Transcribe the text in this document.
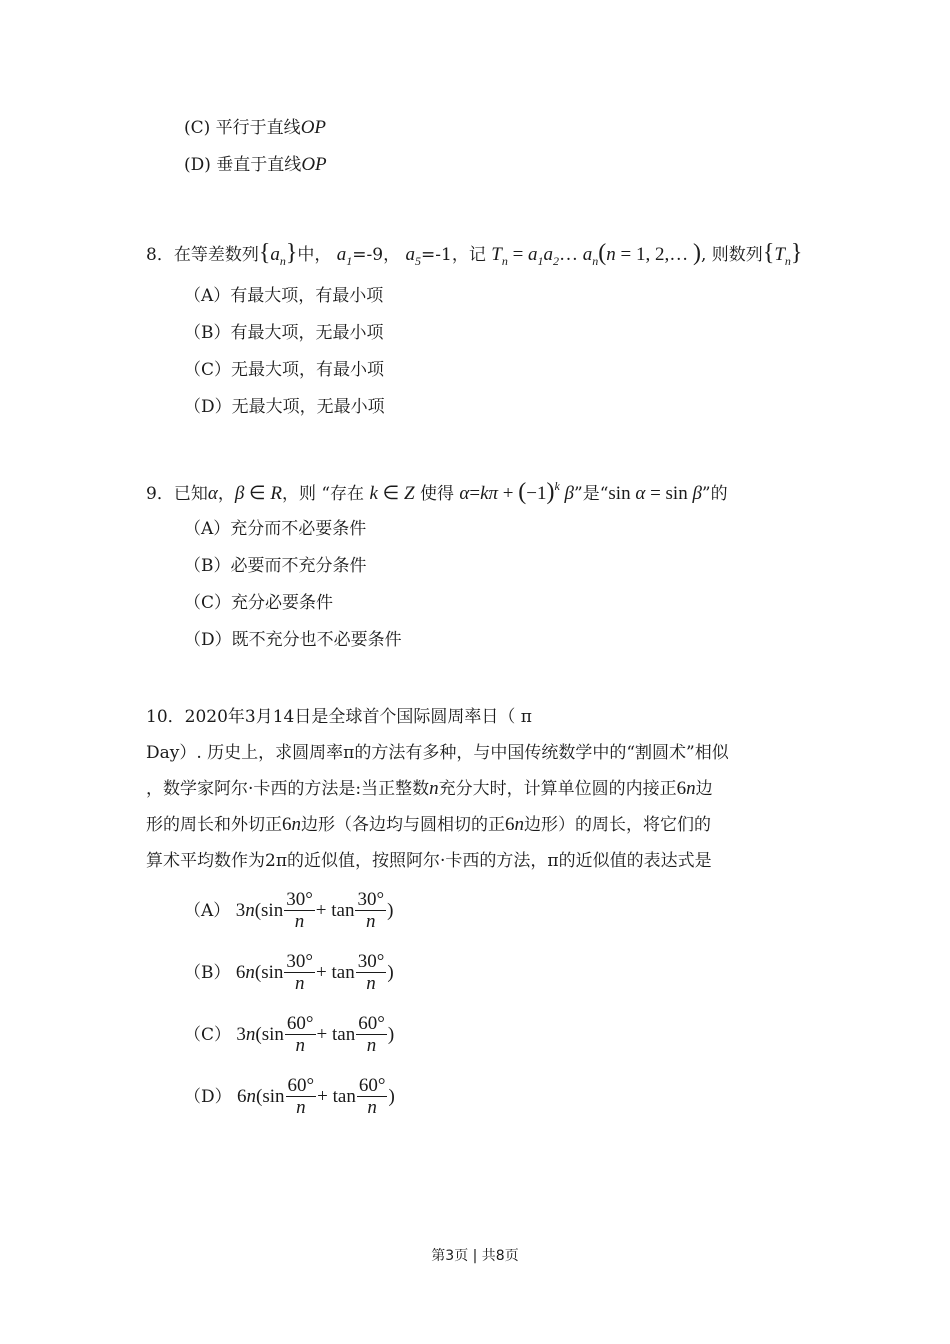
(C) 平行于直线OP
(D) 垂直于直线OP
8．在等差数列$\{a_n\}$中， $a_1=-9$， $a_5=-1$，记 $T_n$ = $a_1a_2\dots$ $a_n(n = 1$, 2,… ), 则数列$\{T_n\}$
（A）有最大项，有最小项
（B）有最大项，无最小项
（C）无最大项，有最小项
（D）无最大项，无最小项
9．已知α，β ∈ R，则 “存在 k ∈ Z 使得 $\alpha=k\pi + (-1)^k$ β”是“sin α = sin β”的
（A）充分而不必要条件
（B）必要而不充分条件
（C）充分必要条件
（D）既不充分也不必要条件
10．2020年3月14日是全球首个国际圆周率日（ π
Day）. 历史上，求圆周率π的方法有多种，与中国传统数学中的“割圆术”相似
，数学家阿尔·卡西的方法是:当正整数n充分大时，计算单位圆的内接正6n边
形的周长和外切正6n边形（各边均与圆相切的正6n边形）的周长，将它们的
算术平均数作为2π的近似值，按照阿尔·卡西的方法，π的近似值的表达式是
（A） $3n(\sin \frac{30^\circ}{n} + \tan \frac{30^\circ}{n}$ )
（B） $6n(\sin \frac{30^\circ}{n} + \tan \frac{30^\circ}{n}$ )
（C） $3n(\sin \frac{60^\circ}{n} + \tan \frac{60^\circ}{n}$ )
（D） $6n(\sin \frac{60^\circ}{n} + \tan \frac{60^\circ}{n}$ )
第3页 | 共8页
